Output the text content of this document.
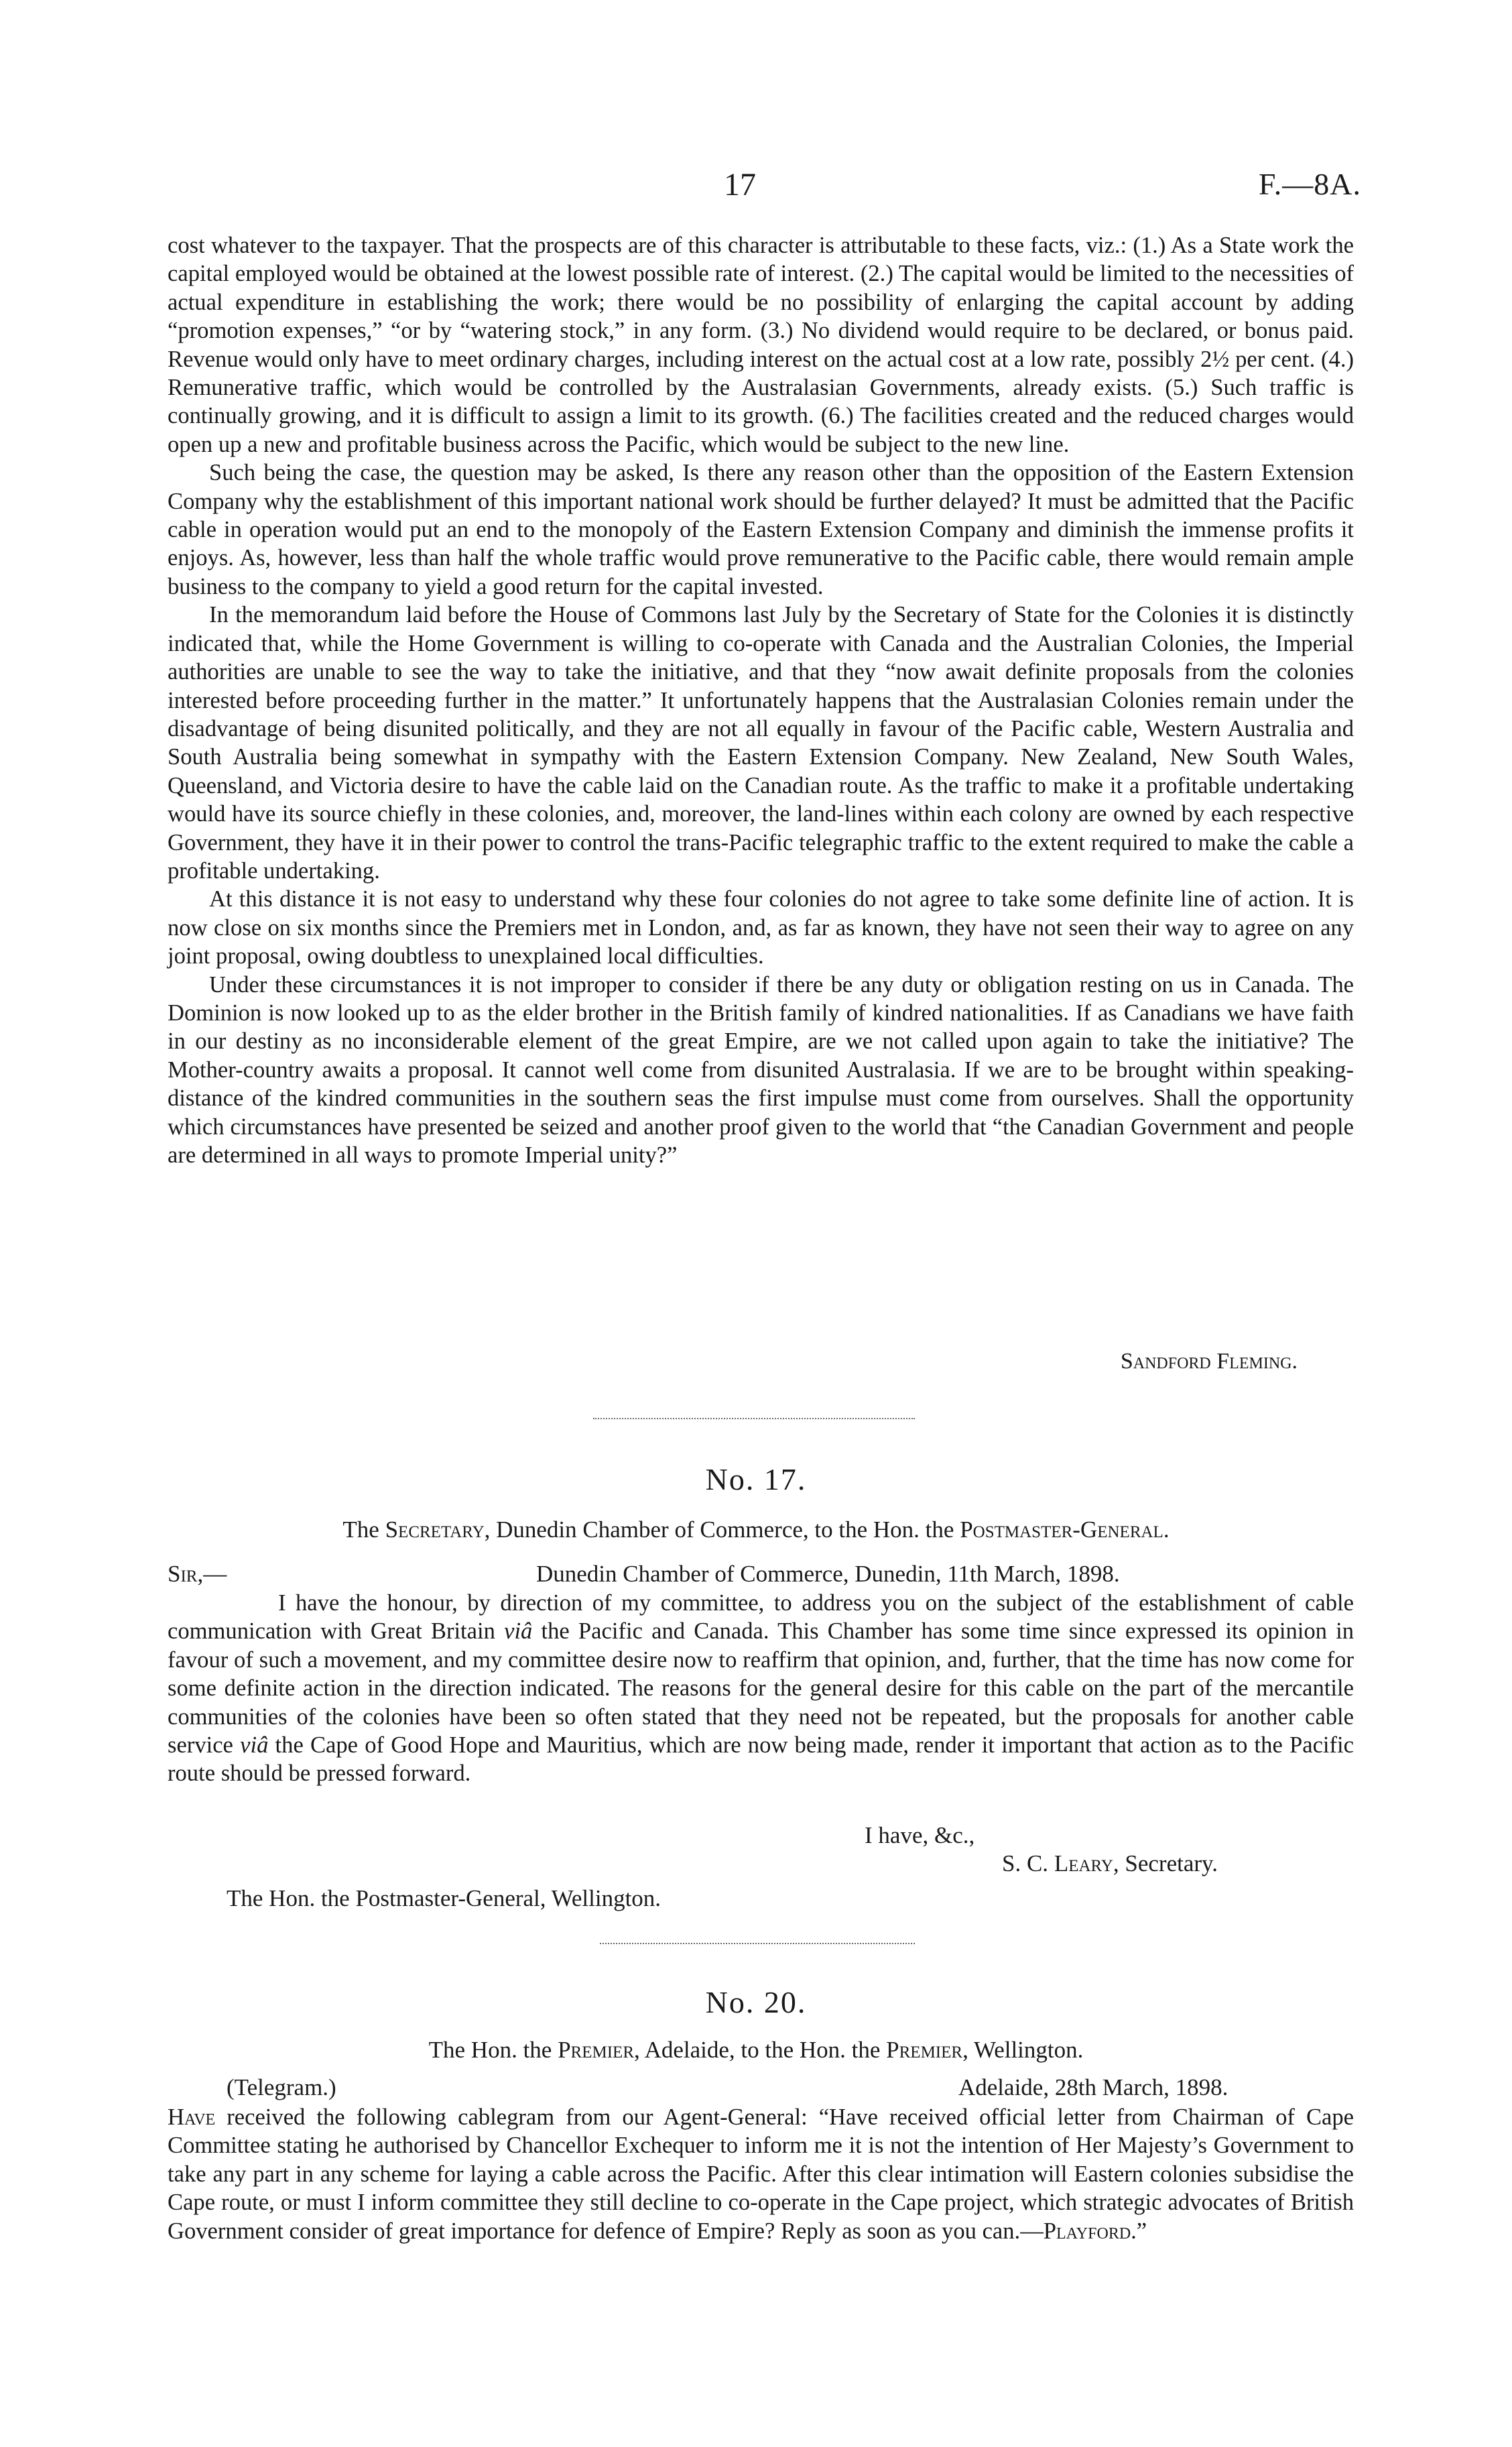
17	F.—8A.

cost whatever to the taxpayer. That the prospects are of this character is attributable to these facts, viz.: (1.) As a State work the capital employed would be obtained at the lowest possible rate of interest. (2.) The capital would be limited to the necessities of actual expenditure in establishing the work; there would be no possibility of enlarging the capital account by adding “promotion expenses,” “or by “watering stock,” in any form. (3.) No dividend would require to be declared, or bonus paid. Revenue would only have to meet ordinary charges, including interest on the actual cost at a low rate, possibly 2½ per cent. (4.) Remunerative traffic, which would be controlled by the Australasian Governments, already exists. (5.) Such traffic is continually growing, and it is difficult to assign a limit to its growth. (6.) The facilities created and the reduced charges would open up a new and profitable business across the Pacific, which would be subject to the new line.

Such being the case, the question may be asked, Is there any reason other than the opposition of the Eastern Extension Company why the establishment of this important national work should be further delayed? It must be admitted that the Pacific cable in operation would put an end to the monopoly of the Eastern Extension Company and diminish the immense profits it enjoys. As, however, less than half the whole traffic would prove remunerative to the Pacific cable, there would remain ample business to the company to yield a good return for the capital invested.

In the memorandum laid before the House of Commons last July by the Secretary of State for the Colonies it is distinctly indicated that, while the Home Government is willing to co-operate with Canada and the Australian Colonies, the Imperial authorities are unable to see the way to take the initiative, and that they “now await definite proposals from the colonies interested before proceeding further in the matter.” It unfortunately happens that the Australasian Colonies remain under the disadvantage of being disunited politically, and they are not all equally in favour of the Pacific cable, Western Australia and South Australia being somewhat in sympathy with the Eastern Extension Company. New Zealand, New South Wales, Queensland, and Victoria desire to have the cable laid on the Canadian route. As the traffic to make it a profitable undertaking would have its source chiefly in these colonies, and, moreover, the land-lines within each colony are owned by each respective Government, they have it in their power to control the trans-Pacific telegraphic traffic to the extent required to make the cable a profitable undertaking.

At this distance it is not easy to understand why these four colonies do not agree to take some definite line of action. It is now close on six months since the Premiers met in London, and, as far as known, they have not seen their way to agree on any joint proposal, owing doubtless to unexplained local difficulties.

Under these circumstances it is not improper to consider if there be any duty or obligation resting on us in Canada. The Dominion is now looked up to as the elder brother in the British family of kindred nationalities. If as Canadians we have faith in our destiny as no inconsiderable element of the great Empire, are we not called upon again to take the initiative? The Mother-country awaits a proposal. It cannot well come from disunited Australasia. If we are to be brought within speaking-distance of the kindred communities in the southern seas the first impulse must come from ourselves. Shall the opportunity which circumstances have presented be seized and another proof given to the world that “the Canadian Government and people are determined in all ways to promote Imperial unity?”

Sandford Fleming.
No. 17.
The Secretary, Dunedin Chamber of Commerce, to the Hon. the Postmaster-General.
Sir,—	Dunedin Chamber of Commerce, Dunedin, 11th March, 1898.

I have the honour, by direction of my committee, to address you on the subject of the establishment of cable communication with Great Britain viâ the Pacific and Canada. This Chamber has some time since expressed its opinion in favour of such a movement, and my committee desire now to reaffirm that opinion, and, further, that the time has now come for some definite action in the direction indicated. The reasons for the general desire for this cable on the part of the mercantile communities of the colonies have been so often stated that they need not be repeated, but the proposals for another cable service viâ the Cape of Good Hope and Mauritius, which are now being made, render it important that action as to the Pacific route should be pressed forward.

I have, &c.,
S. C. Leary, Secretary.
The Hon. the Postmaster-General, Wellington.
No. 20.
The Hon. the Premier, Adelaide, to the Hon. the Premier, Wellington.
(Telegram.)	Adelaide, 28th March, 1898.

Have received the following cablegram from our Agent-General: “Have received official letter from Chairman of Cape Committee stating he authorised by Chancellor Exchequer to inform me it is not the intention of Her Majesty’s Government to take any part in any scheme for laying a cable across the Pacific. After this clear intimation will Eastern colonies subsidise the Cape route, or must I inform committee they still decline to co-operate in the Cape project, which strategic advocates of British Government consider of great importance for defence of Empire? Reply as soon as you can.—Playford.”
